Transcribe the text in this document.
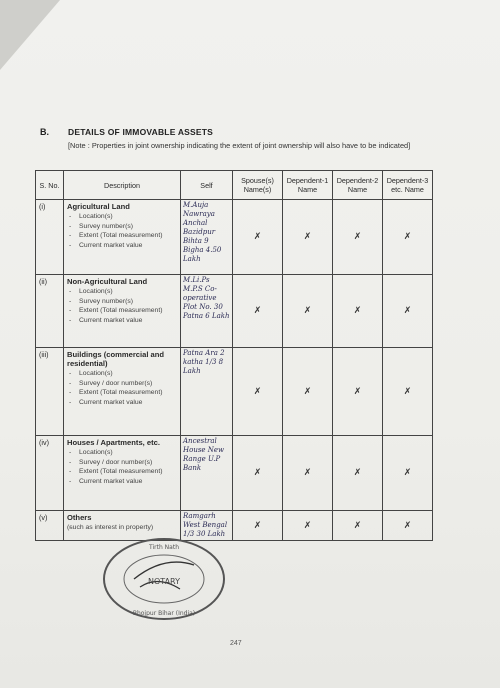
B. DETAILS OF IMMOVABLE ASSETS
[Note : Properties in joint ownership indicating the extent of joint ownership will also have to be indicated]
S. No.	Description	Self	Spouse(s) Name(s)	Dependent-1 Name	Dependent-2 Name	Dependent-3 etc. Name
(i)	Agricultural Land
- Location(s)
- Survey number(s)
- Extent (Total measurement)
- Current market value	M.Auja Nawraya Anchal Bazidpur Bihta 9 Bigha 4.50 Lakh	✗	✗	✗	✗
(ii)	Non-Agricultural Land
- Location(s)
- Survey number(s)
- Extent (Total measurement)
- Current market value	M.Li.Ps M.P.S Co-operative Plot No. 30 Patna 6 Lakh	✗	✗	✗	✗
(iii)	Buildings (commercial and residential)
- Location(s)
- Survey / door number(s)
- Extent (Total measurement)
- Current market value	Patna Ara 2 katha 1/3 8 Lakh	✗	✗	✗	✗
(iv)	Houses / Apartments, etc.
- Location(s)
- Survey / door number(s)
- Extent (Total measurement)
- Current market value	Ancestral House New Range U.P Bank	✗	✗	✗	✗
(v)	Others
- (such as interest in property)	Ramgarh West Bengal 1/3 30 Lakh	✗	✗	✗	✗
NOTARY
Tirth Nath
Bhojpur Bihar (India)
247
